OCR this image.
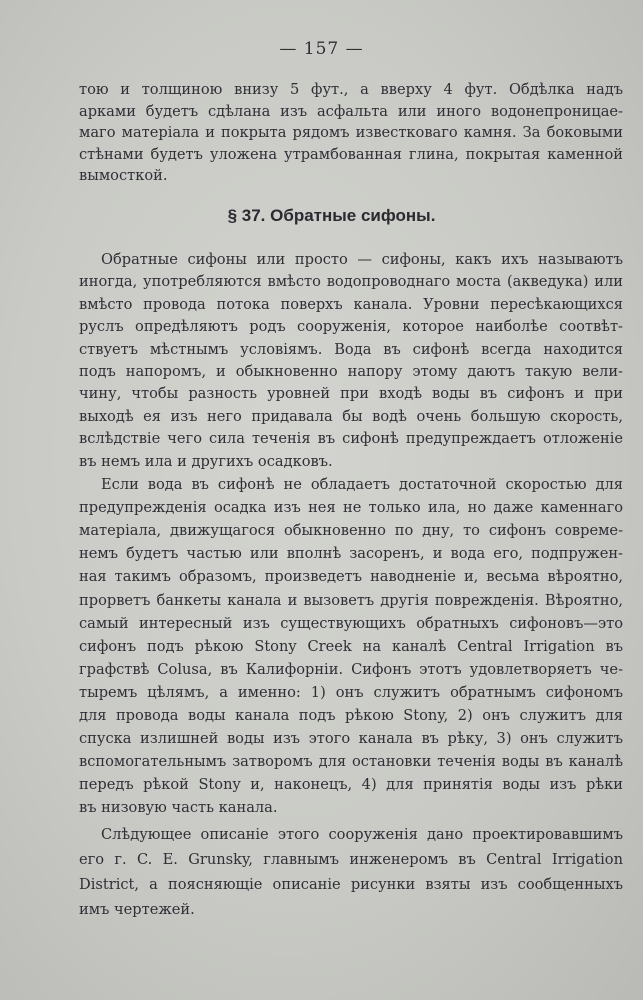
— 157 —
§ 37. Обратные сифоны.
тою и толщиною внизу 5 фут., а вверху 4 фут. Обдѣлка надъ
арками будетъ сдѣлана изъ асфальта или иного водонепроницае-
маго матеріала и покрыта рядомъ известковаго камня. За боковыми
стѣнами будетъ уложена утрамбованная глина, покрытая каменной
вымосткой.
Обратные сифоны или просто — сифоны, какъ ихъ называютъ
иногда, употребляются вмѣсто водопроводнаго моста (акведука) или
вмѣсто провода потока поверхъ канала. Уровни пересѣкающихся
руслъ опредѣляютъ родъ сооруженія, которое наиболѣе соотвѣт-
ствуетъ мѣстнымъ условіямъ. Вода въ сифонѣ всегда находится
подъ напоромъ, и обыкновенно напору этому даютъ такую вели-
чину, чтобы разность уровней при входѣ воды въ сифонъ и при
выходѣ ея изъ него придавала бы водѣ очень большую скорость,
вслѣдствіе чего сила теченія въ сифонѣ предупреждаетъ отложеніе
въ немъ ила и другихъ осадковъ.
Если вода въ сифонѣ не обладаетъ достаточной скоростью для
предупрежденія осадка изъ нея не только ила, но даже каменнаго
матеріала, движущагося обыкновенно по дну, то сифонъ совреме-
немъ будетъ частью или вполнѣ засоренъ, и вода его, подпружен-
ная такимъ образомъ, произведетъ наводненіе и, весьма вѣроятно,
прорветъ банкеты канала и вызоветъ другія поврежденія. Вѣроятно,
самый интересный изъ существующихъ обратныхъ сифоновъ—это
сифонъ подъ рѣкою Stony Creek на каналѣ Central Irrigation въ
графствѣ Colusa, въ Калифорніи. Сифонъ этотъ удовлетворяетъ че-
тыремъ цѣлямъ, а именно: 1) онъ служитъ обратнымъ сифономъ
для провода воды канала подъ рѣкою Stony, 2) онъ служитъ для
спуска излишней воды изъ этого канала въ рѣку, 3) онъ служитъ
вспомогательнымъ затворомъ для остановки теченія воды въ каналѣ
передъ рѣкой Stony и, наконецъ, 4) для принятія воды изъ рѣки
въ низовую часть канала.
Слѣдующее описаніе этого сооруженія дано проектировавшимъ
его г. C. E. Grunsky, главнымъ инженеромъ въ Central Irrigation
District, а поясняющіе описаніе рисунки взяты изъ сообщенныхъ
имъ чертежей.
